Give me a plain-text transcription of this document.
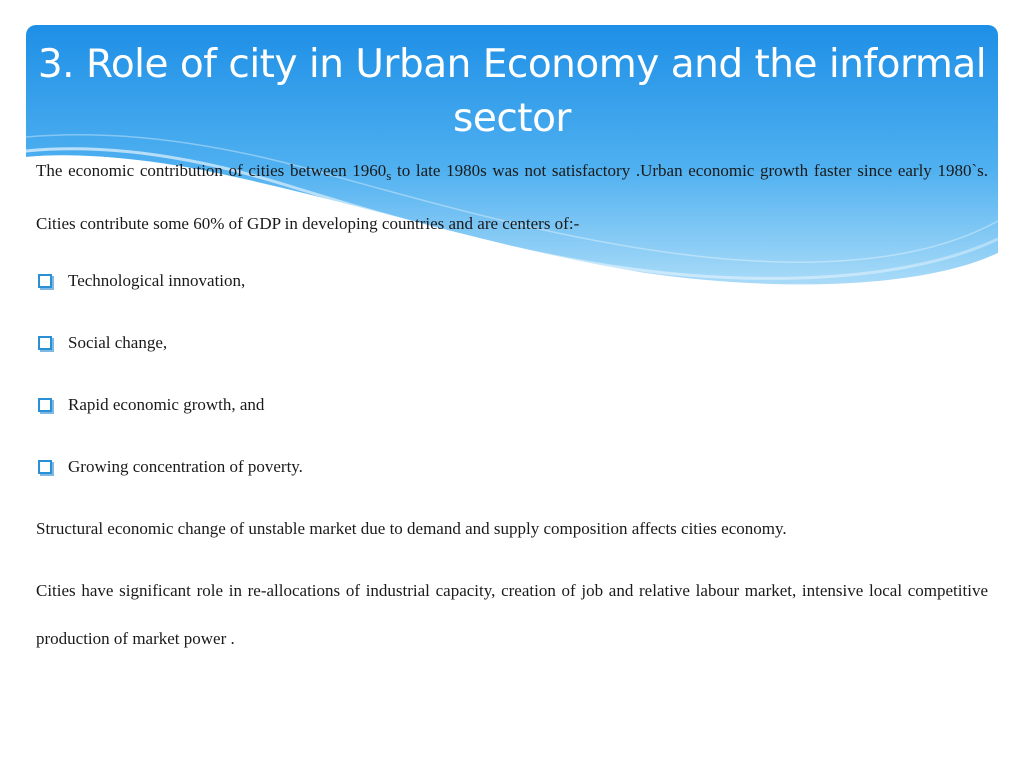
3. Role of city in Urban Economy and the informal sector

The economic contribution of cities between $1960_s$ to late 1980s was not satisfactory .Urban economic growth faster since early 1980`s. Cities contribute some 60% of GDP in developing countries and are centers of:-

Technological innovation,
Social change,
Rapid economic growth, and
Growing concentration of poverty.

Structural economic change of unstable market due to demand and supply composition affects cities economy.

Cities have significant role in re-allocations of industrial capacity, creation of job and relative labour market, intensive local competitive production of market power .
